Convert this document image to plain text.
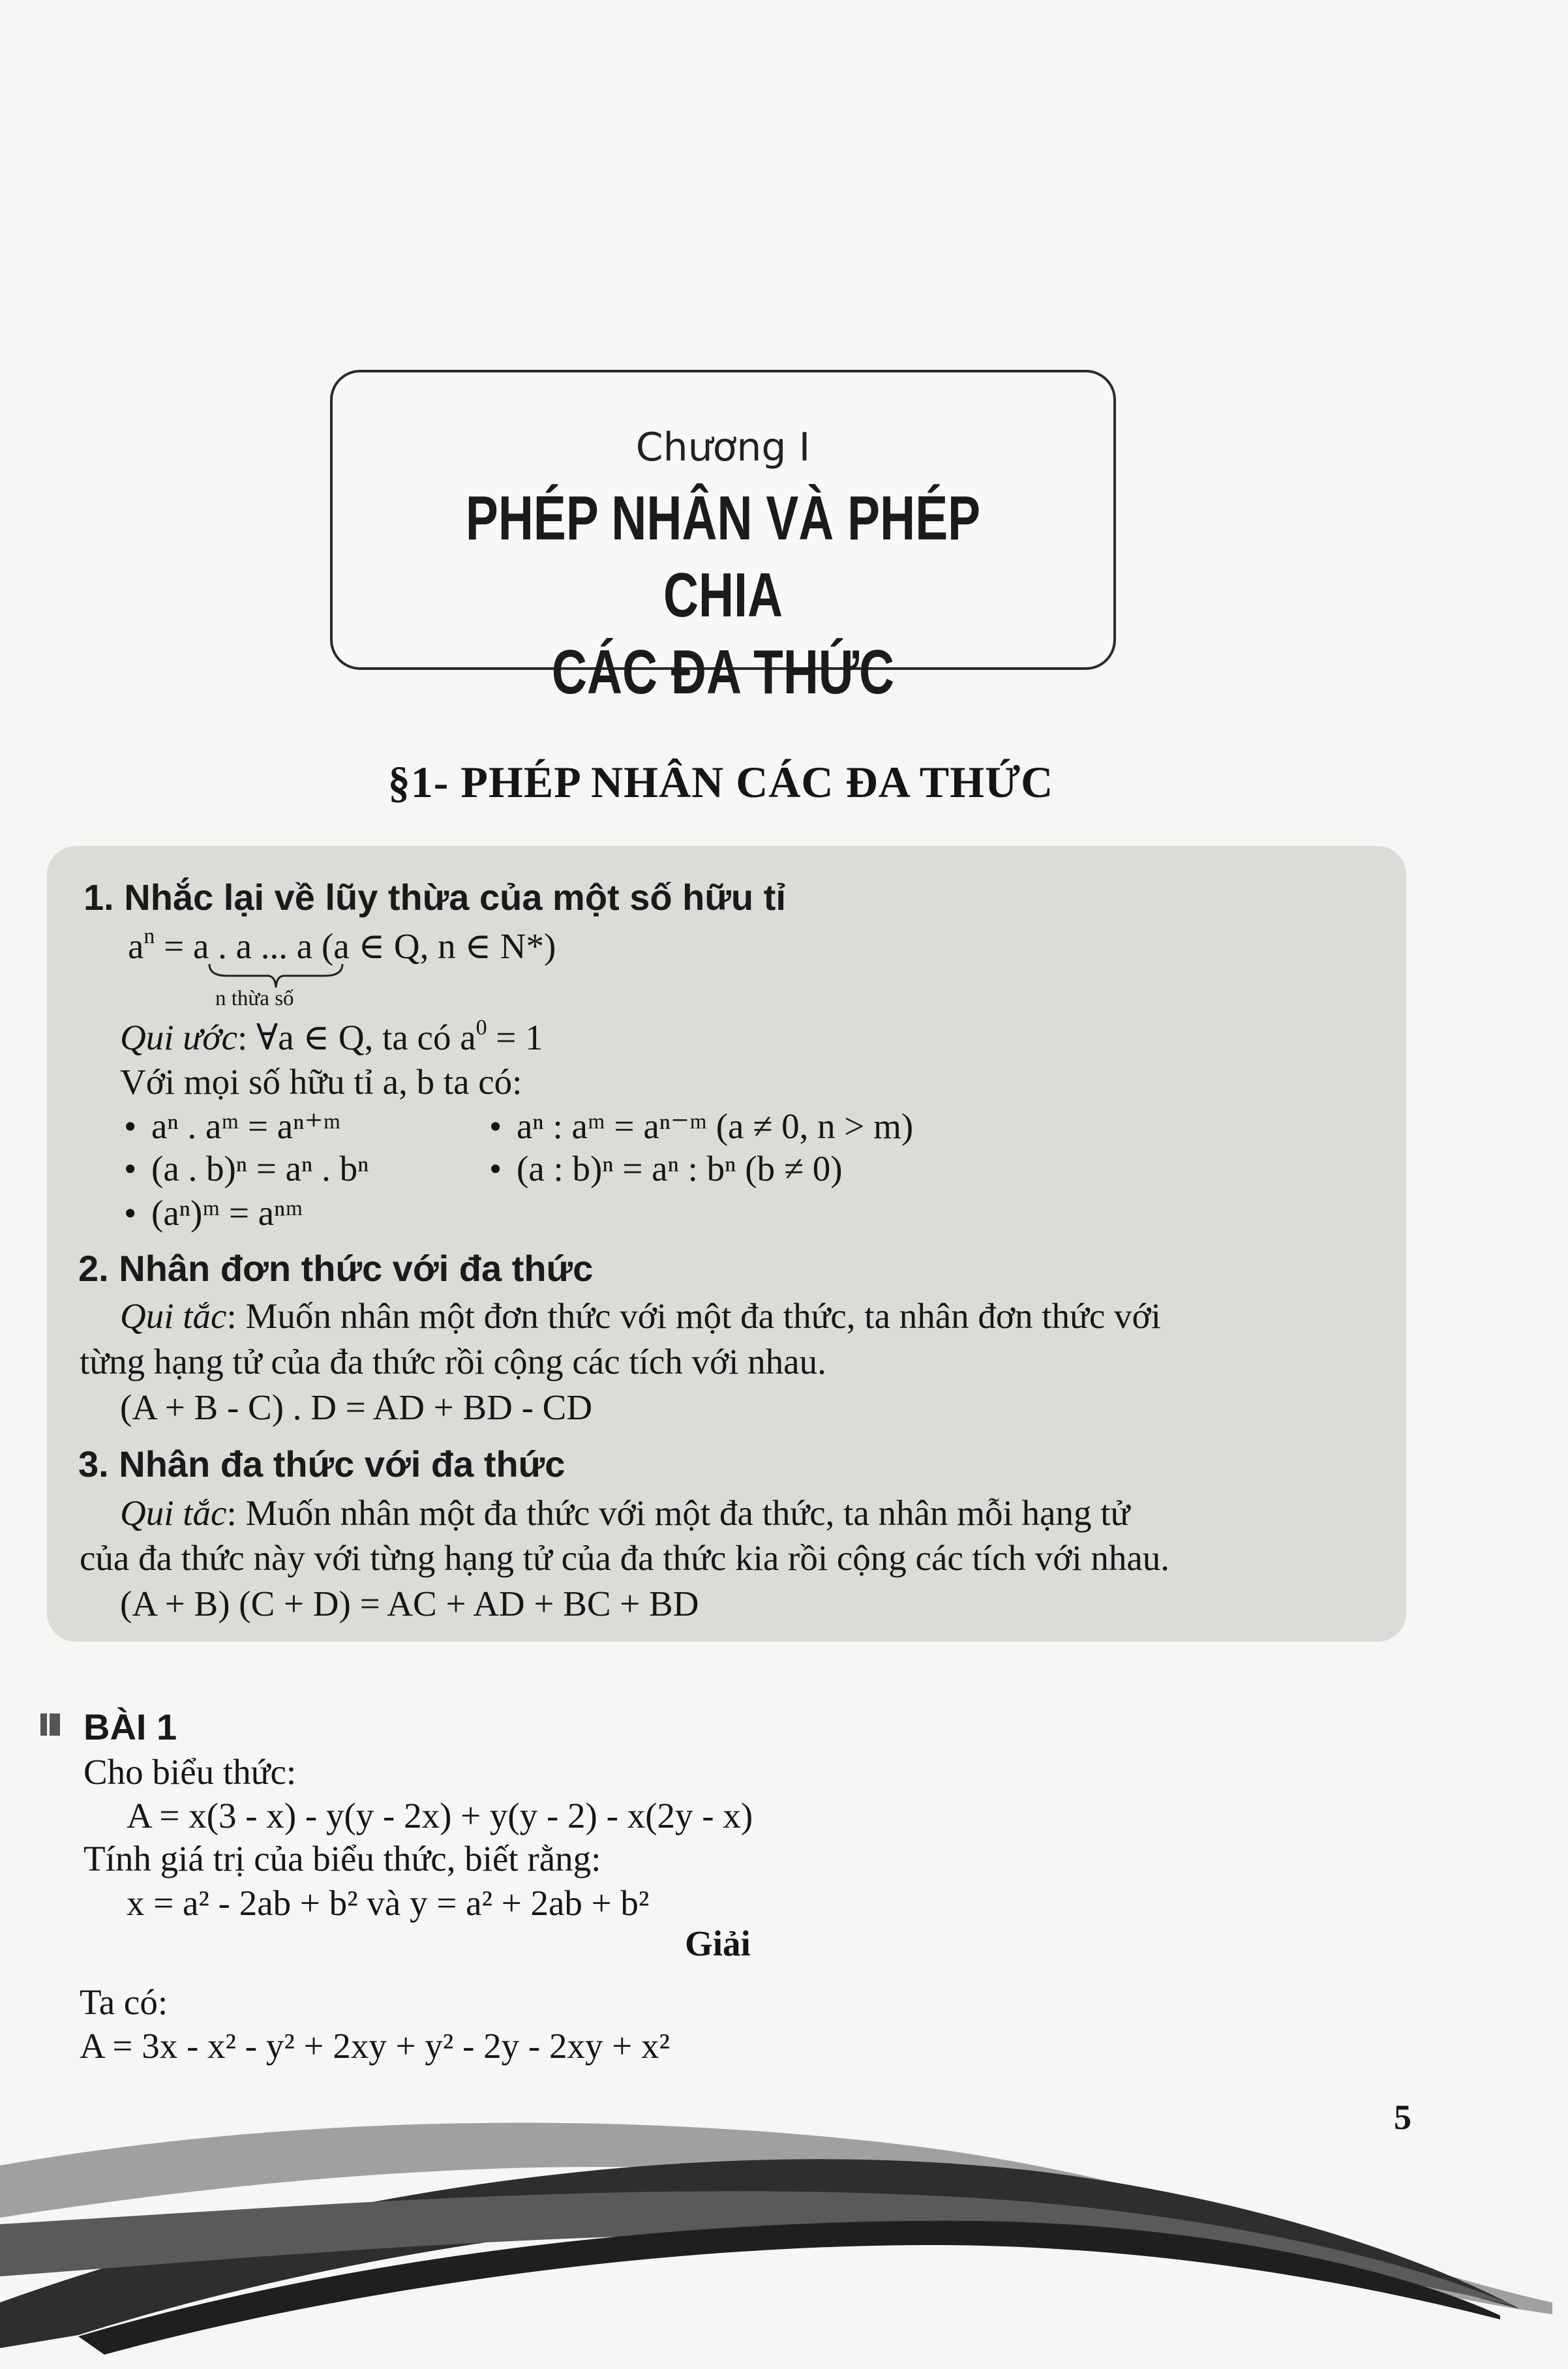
Chương I
PHÉP NHÂN VÀ PHÉP CHIA
CÁC ĐA THỨC
§1- PHÉP NHÂN CÁC ĐA THỨC
1. Nhắc lại về lũy thừa của một số hữu tỉ
$a^n = a$ . a ... a (a ∈ Q, n ∈ N*)
n thừa số
Qui ước: ∀a ∈ Q, ta có $a^0 = 1$
Với mọi số hữu tỉ a, b ta có:
• aⁿ . aᵐ = aⁿ⁺ᵐ	• aⁿ : aᵐ = aⁿ⁻ᵐ (a ≠ 0, n > m)
• (a . b)ⁿ = aⁿ . bⁿ	• (a : b)ⁿ = aⁿ : bⁿ (b ≠ 0)
• (aⁿ)ᵐ = aⁿᵐ
2. Nhân đơn thức với đa thức
Qui tắc: Muốn nhân một đơn thức với một đa thức, ta nhân đơn thức với
từng hạng tử của đa thức rồi cộng các tích với nhau.
(A + B - C) . D = AD + BD - CD
3. Nhân đa thức với đa thức
Qui tắc: Muốn nhân một đa thức với một đa thức, ta nhân mỗi hạng tử
của đa thức này với từng hạng tử của đa thức kia rồi cộng các tích với nhau.
(A + B) (C + D) = AC + AD + BC + BD
BÀI 1
Cho biểu thức:
A = x(3 - x) - y(y - 2x) + y(y - 2) - x(2y - x)
Tính giá trị của biểu thức, biết rằng:
x = a² - 2ab + b² và y = a² + 2ab + b²
Giải
Ta có:
A = 3x - x² - y² + 2xy + y² - 2y - 2xy + x²
5
